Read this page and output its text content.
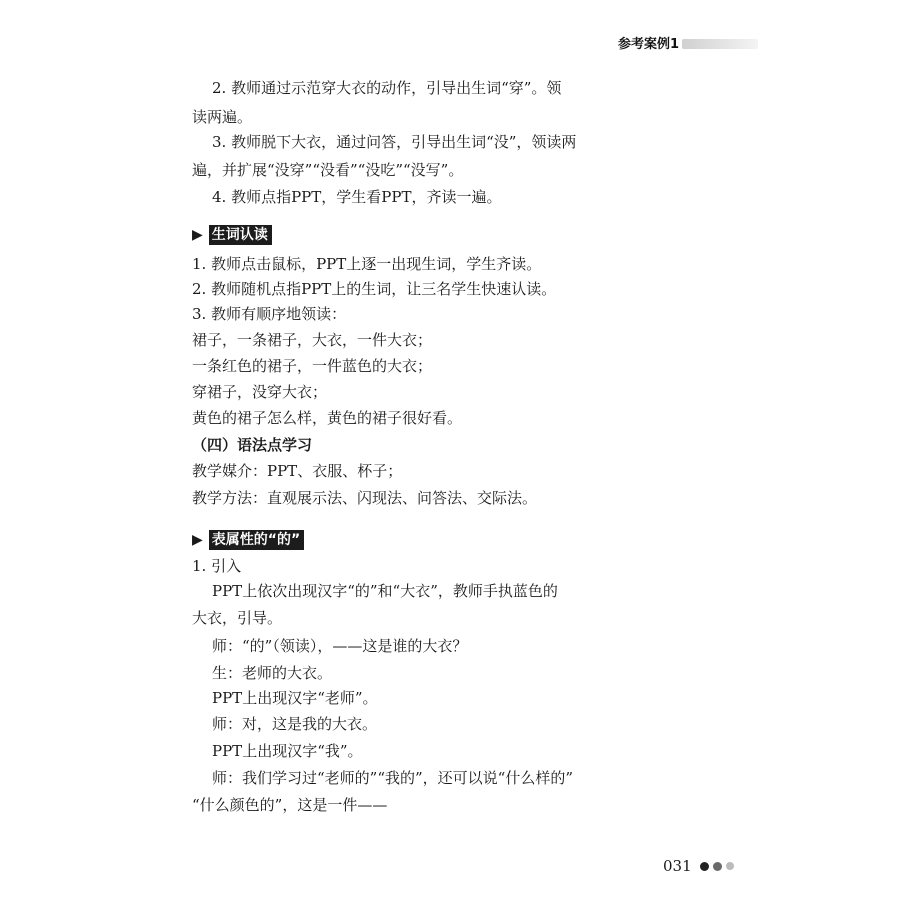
参考案例1
2. 教师通过示范穿大衣的动作，引导出生词“穿”。领
读两遍。
3. 教师脱下大衣，通过问答，引导出生词“没”，领读两
遍，并扩展“没穿”“没看”“没吃”“没写”。
4. 教师点指PPT，学生看PPT，齐读一遍。
▶ 生词认读
1. 教师点击鼠标，PPT上逐一出现生词，学生齐读。
2. 教师随机点指PPT上的生词，让三名学生快速认读。
3. 教师有顺序地领读：
裙子，一条裙子，大衣，一件大衣；
一条红色的裙子，一件蓝色的大衣；
穿裙子，没穿大衣；
黄色的裙子怎么样，黄色的裙子很好看。
（四）语法点学习
教学媒介：PPT、衣服、杯子；
教学方法：直观展示法、闪现法、问答法、交际法。
▶ 表属性的“的”
1. 引入
PPT上依次出现汉字“的”和“大衣”，教师手执蓝色的
大衣，引导。
师：“的”（领读），——这是谁的大衣？
生：老师的大衣。
PPT上出现汉字“老师”。
师：对，这是我的大衣。
PPT上出现汉字“我”。
师：我们学习过“老师的”“我的”，还可以说“什么样的”
“什么颜色的”，这是一件——
031
